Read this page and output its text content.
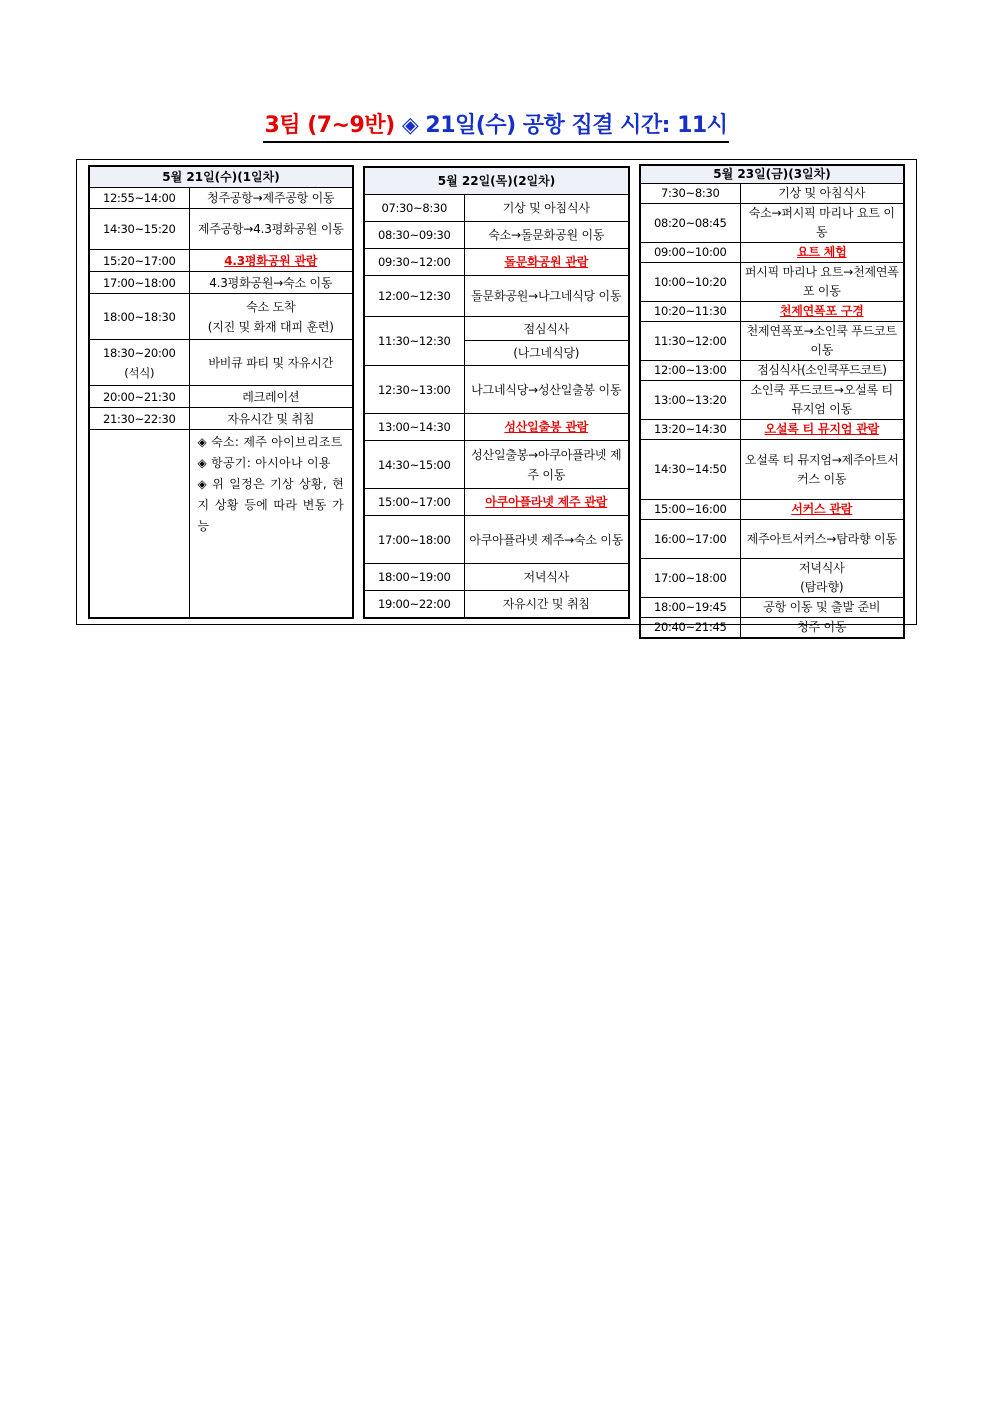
3팀 (7~9반) ◈ 21일(수) 공항 집결 시간: 11시
5월 21일(수)(1일차)	
12:55~14:00	청주공항→제주공항 이동
14:30~15:20	제주공항→4.3평화공원 이동
15:20~17:00	4.3평화공원 관람
17:00~18:00	4.3평화공원→숙소 이동
18:00~18:30	숙소 도착
(지진 및 화재 대피 훈련)

18:30~20:00
(석식)	바비큐 파티 및 자유시간
20:00~21:30	레크레이션
21:30~22:30	자유시간 및 취침

	◈ 숙소: 제주 아이브리조트
◈ 항공기: 아시아나 이용
◈ 위 일정은 기상 상황, 현지 상황 등에 따라 변동 가능
5월 22일(목)(2일차)	
07:30~8:30	기상 및 아침식사
08:30~09:30	숙소→돌문화공원 이동
09:30~12:00	돌문화공원 관람
12:00~12:30	돌문화공원→나그네식당 이동
11:30~12:30	점심식사
	(나그네식당)
12:30~13:00	나그네식당→성산일출봉 이동
13:00~14:30	성산일출봉 관람
14:30~15:00	성산일출봉→아쿠아플라넷 제주 이동
15:00~17:00	아쿠아플라넷 제주 관람
17:00~18:00	아쿠아플라넷 제주→숙소 이동
18:00~19:00	저녁식사
19:00~22:00	자유시간 및 취침
5월 23일(금)(3일차)	
7:30~8:30	기상 및 아침식사
08:20~08:45	숙소→퍼시픽 마리나 요트 이동
09:00~10:00	요트 체험
10:00~10:20	퍼시픽 마리나 요트→천제연폭포 이동
10:20~11:30	천제연폭포 구경
11:30~12:00	천제연폭포→소인쿡 푸드코트 이동
12:00~13:00	점심식사(소인쿡푸드코트)
13:00~13:20	소인쿡 푸드코트→오설록 티 뮤지엄 이동
13:20~14:30	오설록 티 뮤지엄 관람
14:30~14:50	오설록 티 뮤지엄→제주아트서커스 이동
15:00~16:00	서커스 관람
16:00~17:00	제주아트서커스→탐라향 이동
17:00~18:00	저녁식사
(탐라향)

18:00~19:45	공항 이동 및 출발 준비
20:40~21:45	청주 이동
